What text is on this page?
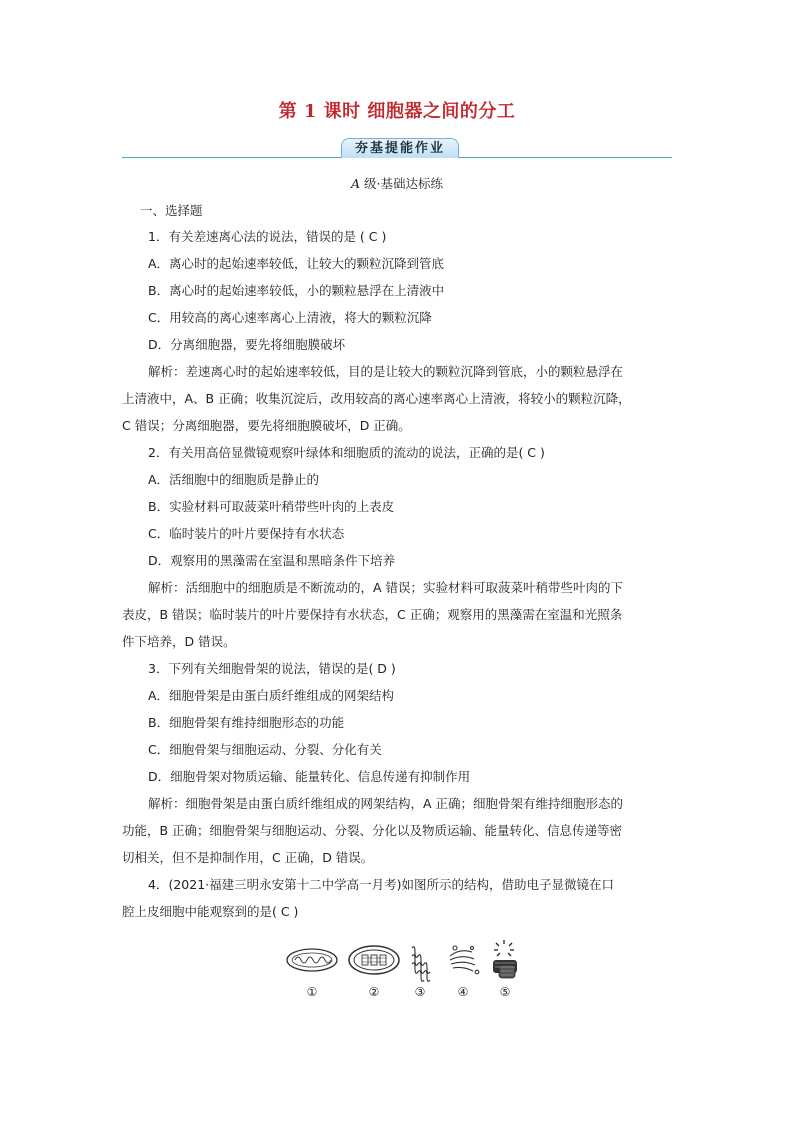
第 1 课时 细胞器之间的分工
夯基提能作业
A 级·基础达标练
一、选择题
1．有关差速离心法的说法，错误的是 ( C )
A．离心时的起始速率较低，让较大的颗粒沉降到管底
B．离心时的起始速率较低，小的颗粒悬浮在上清液中
C．用较高的离心速率离心上清液，将大的颗粒沉降
D．分离细胞器，要先将细胞膜破坏
解析：差速离心时的起始速率较低，目的是让较大的颗粒沉降到管底，小的颗粒悬浮在
上清液中，A、B 正确；收集沉淀后，改用较高的离心速率离心上清液，将较小的颗粒沉降，
C 错误；分离细胞器，要先将细胞膜破坏，D 正确。
2．有关用高倍显微镜观察叶绿体和细胞质的流动的说法，正确的是( C )
A．活细胞中的细胞质是静止的
B．实验材料可取菠菜叶稍带些叶肉的上表皮
C．临时装片的叶片要保持有水状态
D．观察用的黑藻需在室温和黑暗条件下培养
解析：活细胞中的细胞质是不断流动的，A 错误；实验材料可取菠菜叶稍带些叶肉的下
表皮，B 错误；临时装片的叶片要保持有水状态，C 正确；观察用的黑藻需在室温和光照条
件下培养，D 错误。
3．下列有关细胞骨架的说法，错误的是( D )
A．细胞骨架是由蛋白质纤维组成的网架结构
B．细胞骨架有维持细胞形态的功能
C．细胞骨架与细胞运动、分裂、分化有关
D．细胞骨架对物质运输、能量转化、信息传递有抑制作用
解析：细胞骨架是由蛋白质纤维组成的网架结构，A 正确；细胞骨架有维持细胞形态的
功能，B 正确；细胞骨架与细胞运动、分裂、分化以及物质运输、能量转化、信息传递等密
切相关，但不是抑制作用，C 正确，D 错误。
4．(2021·福建三明永安第十二中学高一月考)如图所示的结构，借助电子显微镜在口
腔上皮细胞中能观察到的是( C )
①	②	③	④	⑤
